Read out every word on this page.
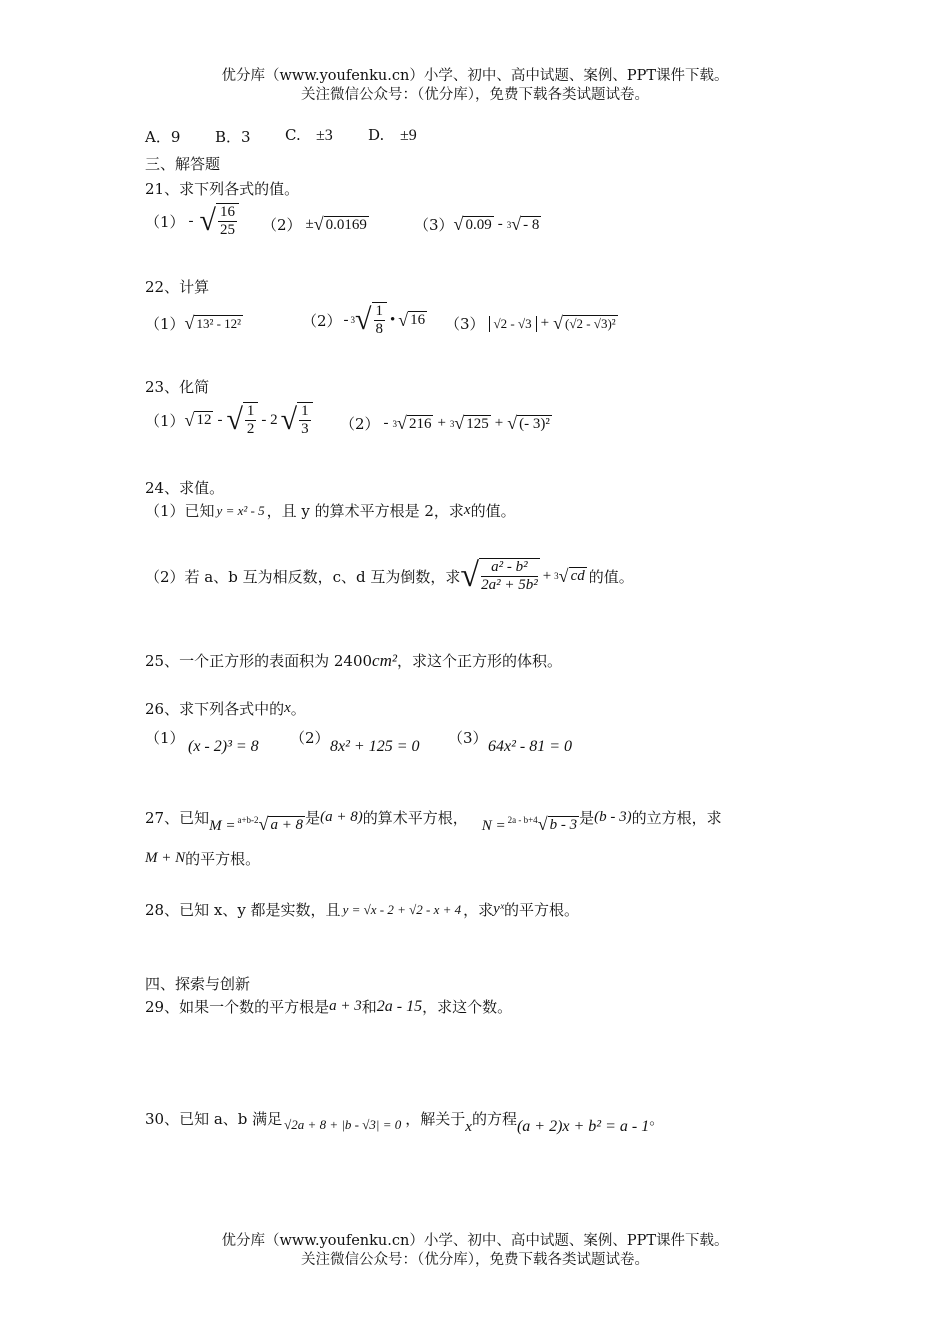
优分库（www.youfenku.cn）小学、初中、高中试题、案例、PPT课件下载。
关注微信公众号：（优分库），免费下载各类试题试卷。
A．9 B．3 C. ±3 D. ±9
三、解答题
21、求下列各式的值。
（1） - √ $\frac{16}{25} (2)$ ± √ 0.0169	（3） √ 0.09 - 3 √ - 8
22、计算
（1） √ 13² - 12²	（2） - 3 √ $\frac{1}{8}$ • √ 16 （3） √2 - √3 + √ (√2 - √3)²
23、化简
（1） √ 12 - √ $\frac{1}{2} - 2$ √ $\frac{1}{3} (2) - 3$ √ 216 + 3 √ 125 + √ (- 3)²
24、求值。
（1）已知 y = x² - 5 ，且 y 的算术平方根是 2，求 x 的值。
（2）若 a、b 互为相反数，c、d 互为倒数，求 √ $\frac{\text{a² - b²}}{\text{2a² + 5b²}} + 3$ √ cd 的值。
25、一个正方形的表面积为 2400 cm² ，求这个正方形的体积。
26、求下列各式中的 x 。
（1） (x - 2)³ = 8 （2） 8x² + 125 = 0 （3） 64x² - 81 = 0
27、已知 M = a+b-2 √ a + 8 是 (a + 8) 的算术平方根， N = 2a - b+4 √ b - 3 是 (b - 3) 的立方根，求
M + N 的平方根。
28、已知 x、y 都是实数，且 y = √x - 2 + √2 - x + 4 ，求 yˣ 的平方根。
四、探索与创新
29、如果一个数的平方根是 a + 3 和 2a - 15 ，求这个数。
30、已知 a、b 满足 √2a + 8 + |b - √3| = 0 ，解关于 x 的方程 (a + 2)x + b² = a - 1 。
优分库（www.youfenku.cn）小学、初中、高中试题、案例、PPT课件下载。
关注微信公众号：（优分库），免费下载各类试题试卷。
